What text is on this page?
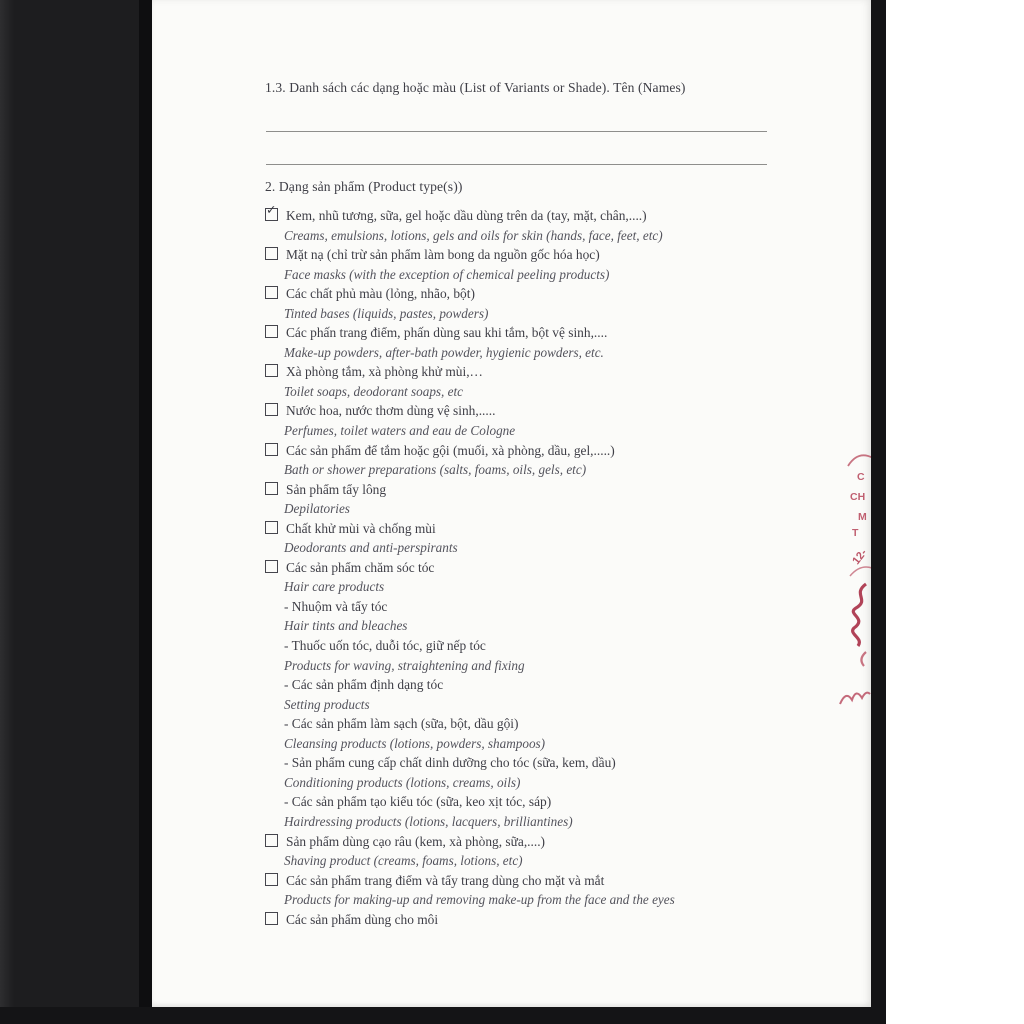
1.3. Danh sách các dạng hoặc màu (List of Variants or Shade). Tên (Names)
2. Dạng sản phẩm (Product type(s))
✓ Kem, nhũ tương, sữa, gel hoặc dầu dùng trên da (tay, mặt, chân,....)
Creams, emulsions, lotions, gels and oils for skin (hands, face, feet, etc)
Mặt nạ (chỉ trừ sản phẩm làm bong da nguồn gốc hóa học)
Face masks (with the exception of chemical peeling products)
Các chất phủ màu (lỏng, nhão, bột)
Tinted bases (liquids, pastes, powders)
Các phấn trang điểm, phấn dùng sau khi tắm, bột vệ sinh,....
Make-up powders, after-bath powder, hygienic powders, etc.
Xà phòng tắm, xà phòng khử mùi,…
Toilet soaps, deodorant soaps, etc
Nước hoa, nước thơm dùng vệ sinh,.....
Perfumes, toilet waters and eau de Cologne
Các sản phẩm để tắm hoặc gội (muối, xà phòng, dầu, gel,.....)
Bath or shower preparations (salts, foams, oils, gels, etc)
Sản phẩm tẩy lông
Depilatories
Chất khử mùi và chống mùi
Deodorants and anti-perspirants
Các sản phẩm chăm sóc tóc
Hair care products
- Nhuộm và tẩy tóc
Hair tints and bleaches
- Thuốc uốn tóc, duỗi tóc, giữ nếp tóc
Products for waving, straightening and fixing
- Các sản phẩm định dạng tóc
Setting products
- Các sản phẩm làm sạch (sữa, bột, dầu gội)
Cleansing products (lotions, powders, shampoos)
- Sản phẩm cung cấp chất dinh dưỡng cho tóc (sữa, kem, dầu)
Conditioning products (lotions, creams, oils)
- Các sản phẩm tạo kiểu tóc (sữa, keo xịt tóc, sáp)
Hairdressing products (lotions, lacquers, brilliantines)
Sản phẩm dùng cạo râu (kem, xà phòng, sữa,....)
Shaving product (creams, foams, lotions, etc)
Các sản phẩm trang điểm và tẩy trang dùng cho mặt và mắt
Products for making-up and removing make-up from the face and the eyes
Các sản phẩm dùng cho môi
C
CH
M
T
12-
